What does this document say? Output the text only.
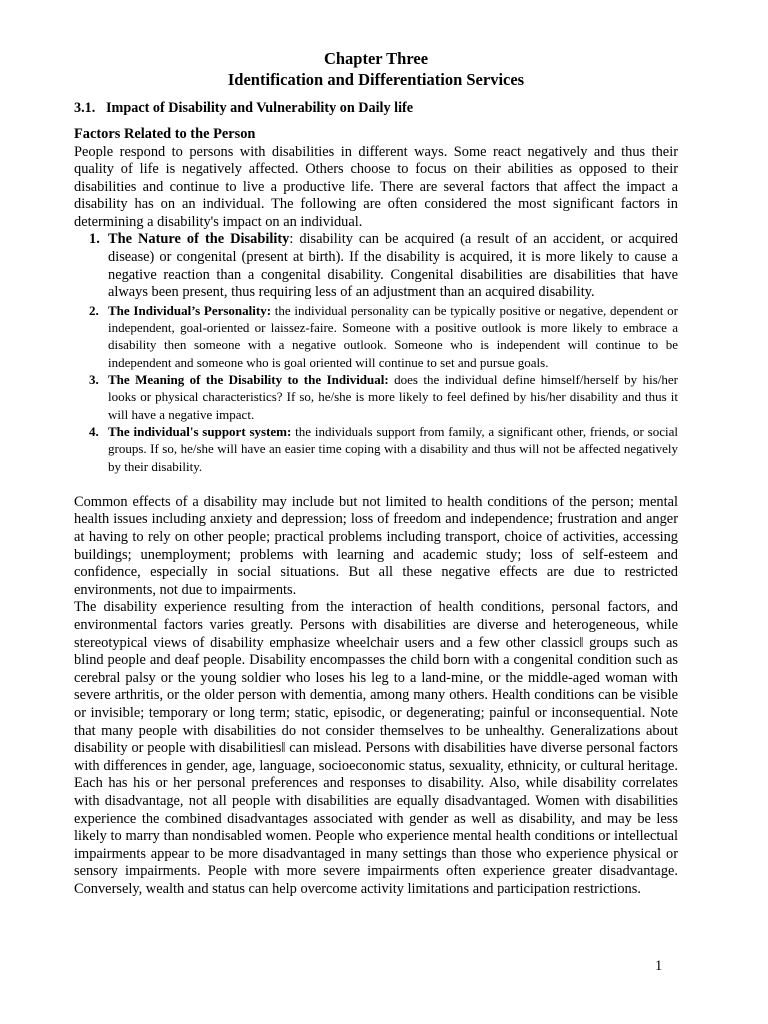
Chapter Three
Identification and Differentiation Services
3.1. Impact of Disability and Vulnerability on Daily life
Factors Related to the Person

People respond to persons with disabilities in different ways. Some react negatively and thus their quality of life is negatively affected. Others choose to focus on their abilities as opposed to their disabilities and continue to live a productive life. There are several factors that affect the impact a disability has on an individual. The following are often considered the most significant factors in determining a disability's impact on an individual.

1. The Nature of the Disability: disability can be acquired (a result of an accident, or acquired disease) or congenital (present at birth). If the disability is acquired, it is more likely to cause a negative reaction than a congenital disability. Congenital disabilities are disabilities that have always been present, thus requiring less of an adjustment than an acquired disability.
2. The Individual’s Personality: the individual personality can be typically positive or negative, dependent or independent, goal-oriented or laissez-faire. Someone with a positive outlook is more likely to embrace a disability then someone with a negative outlook. Someone who is independent will continue to be independent and someone who is goal oriented will continue to set and pursue goals.
3. The Meaning of the Disability to the Individual: does the individual define himself/herself by his/her looks or physical characteristics? If so, he/she is more likely to feel defined by his/her disability and thus it will have a negative impact.
4. The individual's support system: the individuals support from family, a significant other, friends, or social groups. If so, he/she will have an easier time coping with a disability and thus will not be affected negatively by their disability.

Common effects of a disability may include but not limited to health conditions of the person; mental health issues including anxiety and depression; loss of freedom and independence; frustration and anger at having to rely on other people; practical problems including transport, choice of activities, accessing buildings; unemployment; problems with learning and academic study; loss of self-esteem and confidence, especially in social situations. But all these negative effects are due to restricted environments, not due to impairments.

The disability experience resulting from the interaction of health conditions, personal factors, and environmental factors varies greatly. Persons with disabilities are diverse and heterogeneous, while stereotypical views of disability emphasize wheelchair users and a few other classicǁ groups such as blind people and deaf people. Disability encompasses the child born with a congenital condition such as cerebral palsy or the young soldier who loses his leg to a land-mine, or the middle-aged woman with severe arthritis, or the older person with dementia, among many others. Health conditions can be visible or invisible; temporary or long term; static, episodic, or degenerating; painful or inconsequential. Note that many people with disabilities do not consider themselves to be unhealthy. Generalizations about disability or people with disabilitiesǁ can mislead. Persons with disabilities have diverse personal factors with differences in gender, age, language, socioeconomic status, sexuality, ethnicity, or cultural heritage. Each has his or her personal preferences and responses to disability. Also, while disability correlates with disadvantage, not all people with disabilities are equally disadvantaged. Women with disabilities experience the combined disadvantages associated with gender as well as disability, and may be less likely to marry than nondisabled women. People who experience mental health conditions or intellectual impairments appear to be more disadvantaged in many settings than those who experience physical or sensory impairments. People with more severe impairments often experience greater disadvantage. Conversely, wealth and status can help overcome activity limitations and participation restrictions.

1
